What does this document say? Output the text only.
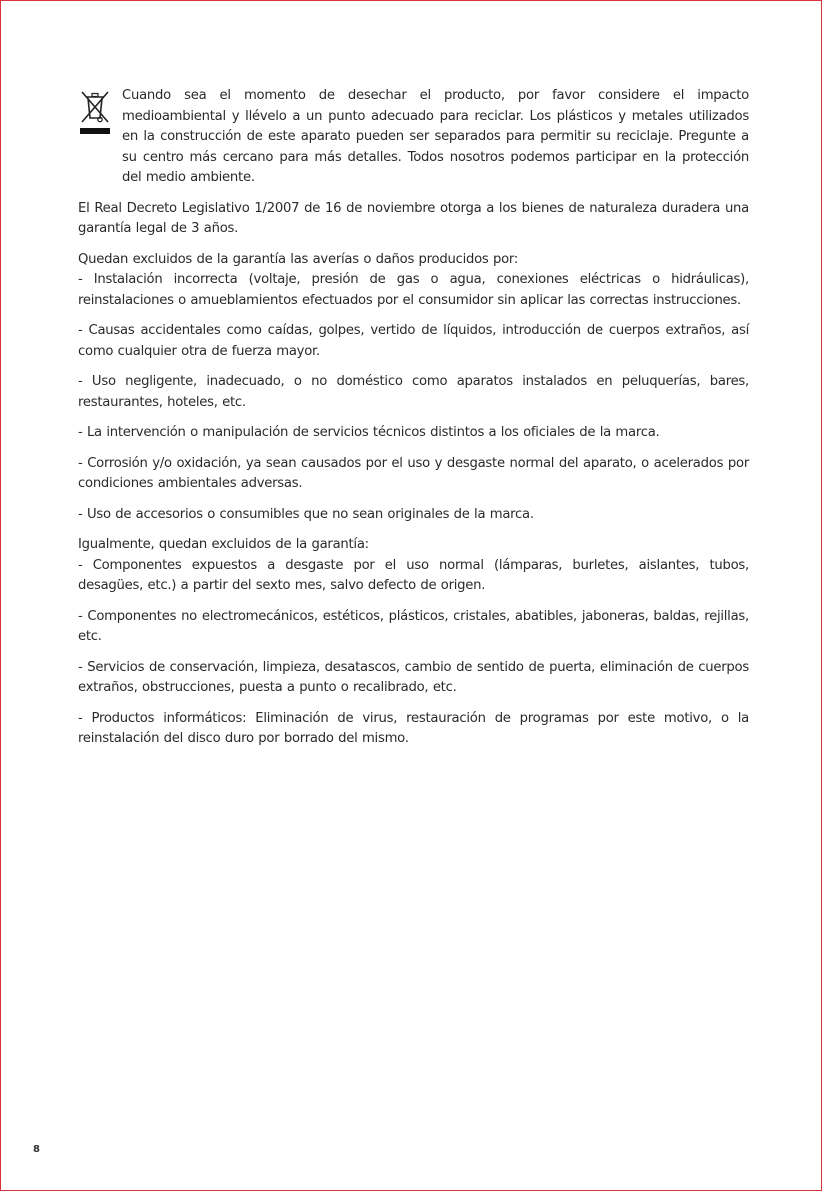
Cuando sea el momento de desechar el producto, por favor considere el impacto medioambiental y llévelo a un punto adecuado para reciclar. Los plásticos y metales utilizados en la construcción de este aparato pueden ser separados para permitir su reciclaje. Pregunte a su centro más cercano para más detalles. Todos nosotros podemos participar en la protección del medio ambiente.

El Real Decreto Legislativo 1/2007 de 16 de noviembre otorga a los bienes de naturaleza duradera una garantía legal de 3 años.

Quedan excluidos de la garantía las averías o daños producidos por:

- Instalación incorrecta (voltaje, presión de gas o agua, conexiones eléctricas o hidráulicas), reinstalaciones o amueblamientos efectuados por el consumidor sin aplicar las correctas instrucciones.

- Causas accidentales como caídas, golpes, vertido de líquidos, introducción de cuerpos extraños, así como cualquier otra de fuerza mayor.

- Uso negligente, inadecuado, o no doméstico como aparatos instalados en peluquerías, bares, restaurantes, hoteles, etc.

- La intervención o manipulación de servicios técnicos distintos a los oficiales de la marca.

- Corrosión y/o oxidación, ya sean causados por el uso y desgaste normal del aparato, o acelerados por condiciones ambientales adversas.

- Uso de accesorios o consumibles que no sean originales de la marca.

Igualmente, quedan excluidos de la garantía:

- Componentes expuestos a desgaste por el uso normal (lámparas, burletes, aislantes, tubos, desagües, etc.) a partir del sexto mes, salvo defecto de origen.

- Componentes no electromecánicos, estéticos, plásticos, cristales, abatibles, jaboneras, baldas, rejillas, etc.

- Servicios de conservación, limpieza, desatascos, cambio de sentido de puerta, eliminación de cuerpos extraños, obstrucciones, puesta a punto o recalibrado, etc.

- Productos informáticos: Eliminación de virus, restauración de programas por este motivo, o la reinstalación del disco duro por borrado del mismo.

8
